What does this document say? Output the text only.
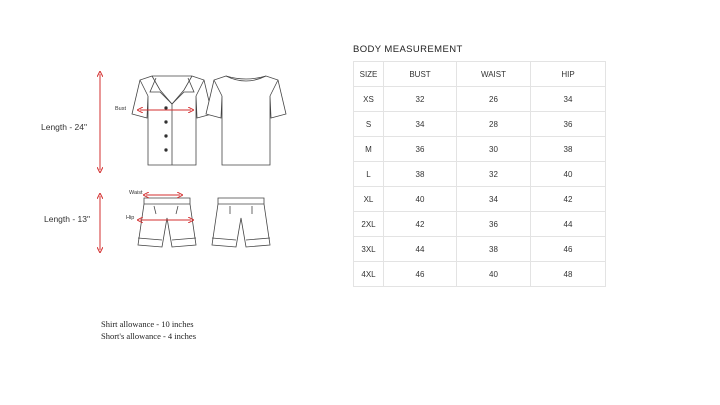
Length - 24"
Length - 13"
Bust
Waist
Hip
Shirt allowance - 10 inches
Short's allowance - 4 inches
BODY MEASUREMENT
SIZE	BUST	WAIST	HIP
XS	32	26	34
S	34	28	36
M	36	30	38
L	38	32	40
XL	40	34	42
2XL	42	36	44
3XL	44	38	46
4XL	46	40	48
